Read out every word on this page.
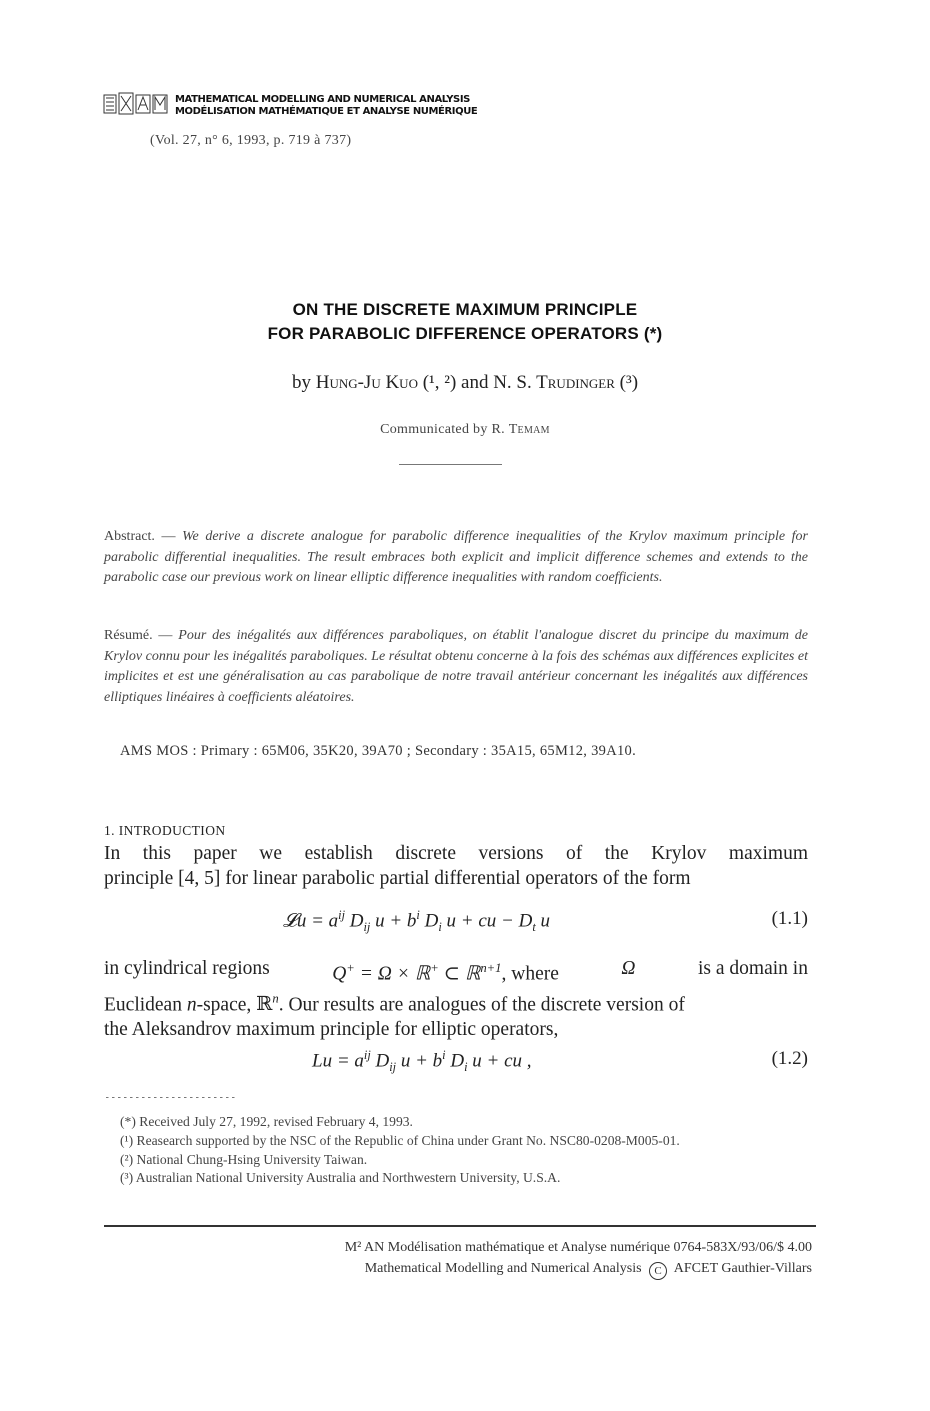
MATHEMATICAL MODELLING AND NUMERICAL ANALYSIS
MODÉLISATION MATHÉMATIQUE ET ANALYSE NUMÉRIQUE
(Vol. 27, n° 6, 1993, p. 719 à 737)
ON THE DISCRETE MAXIMUM PRINCIPLE
FOR PARABOLIC DIFFERENCE OPERATORS (*)
by Hung-Ju Kuo (¹, ²) and N. S. Trudinger (³)
Communicated by R. Temam
Abstract. — We derive a discrete analogue for parabolic difference inequalities of the Krylov maximum principle for parabolic differential inequalities. The result embraces both explicit and implicit difference schemes and extends to the parabolic case our previous work on linear elliptic difference inequalities with random coefficients.
Résumé. — Pour des inégalités aux différences paraboliques, on établit l'analogue discret du principe du maximum de Krylov connu pour les inégalités paraboliques. Le résultat obtenu concerne à la fois des schémas aux différences explicites et implicites et est une généralisation au cas parabolique de notre travail antérieur concernant les inégalités aux différences elliptiques linéaires à coefficients aléatoires.
AMS MOS : Primary : 65M06, 35K20, 39A70 ; Secondary : 35A15, 65M12, 39A10.
1. INTRODUCTION
In this paper we establish discrete versions of the Krylov maximum
principle [4, 5] for linear parabolic partial differential operators of the form
𝓛u = $a^{ij}$ $D_{ij}$ $u + b^i$ $D_i$ u + cu − $D_t$ u	(1.1)
in cylindrical regions	Q+ = Ω × ℝ+ ⊂ ℝ$^{n+1}$, where	Ω	is a domain in
Euclidean n-space, ℝ$^n$. Our results are analogues of the discrete version of
the Aleksandrov maximum principle for elliptic operators,
$Lu = a^{ij}$ $D_{ij}$ $u + b^i$ $D_i$ u + cu ,	(1.2)
(*) Received July 27, 1992, revised February 4, 1993.
(¹) Reasearch supported by the NSC of the Republic of China under Grant No. NSC80-0208-M005-01.
(²) National Chung-Hsing University Taiwan.
(³) Australian National University Australia and Northwestern University, U.S.A.
M² AN Modélisation mathématique et Analyse numérique 0764-583X/93/06/$ 4.00
Mathematical Modelling and Numerical Analysis C AFCET Gauthier-Villars
